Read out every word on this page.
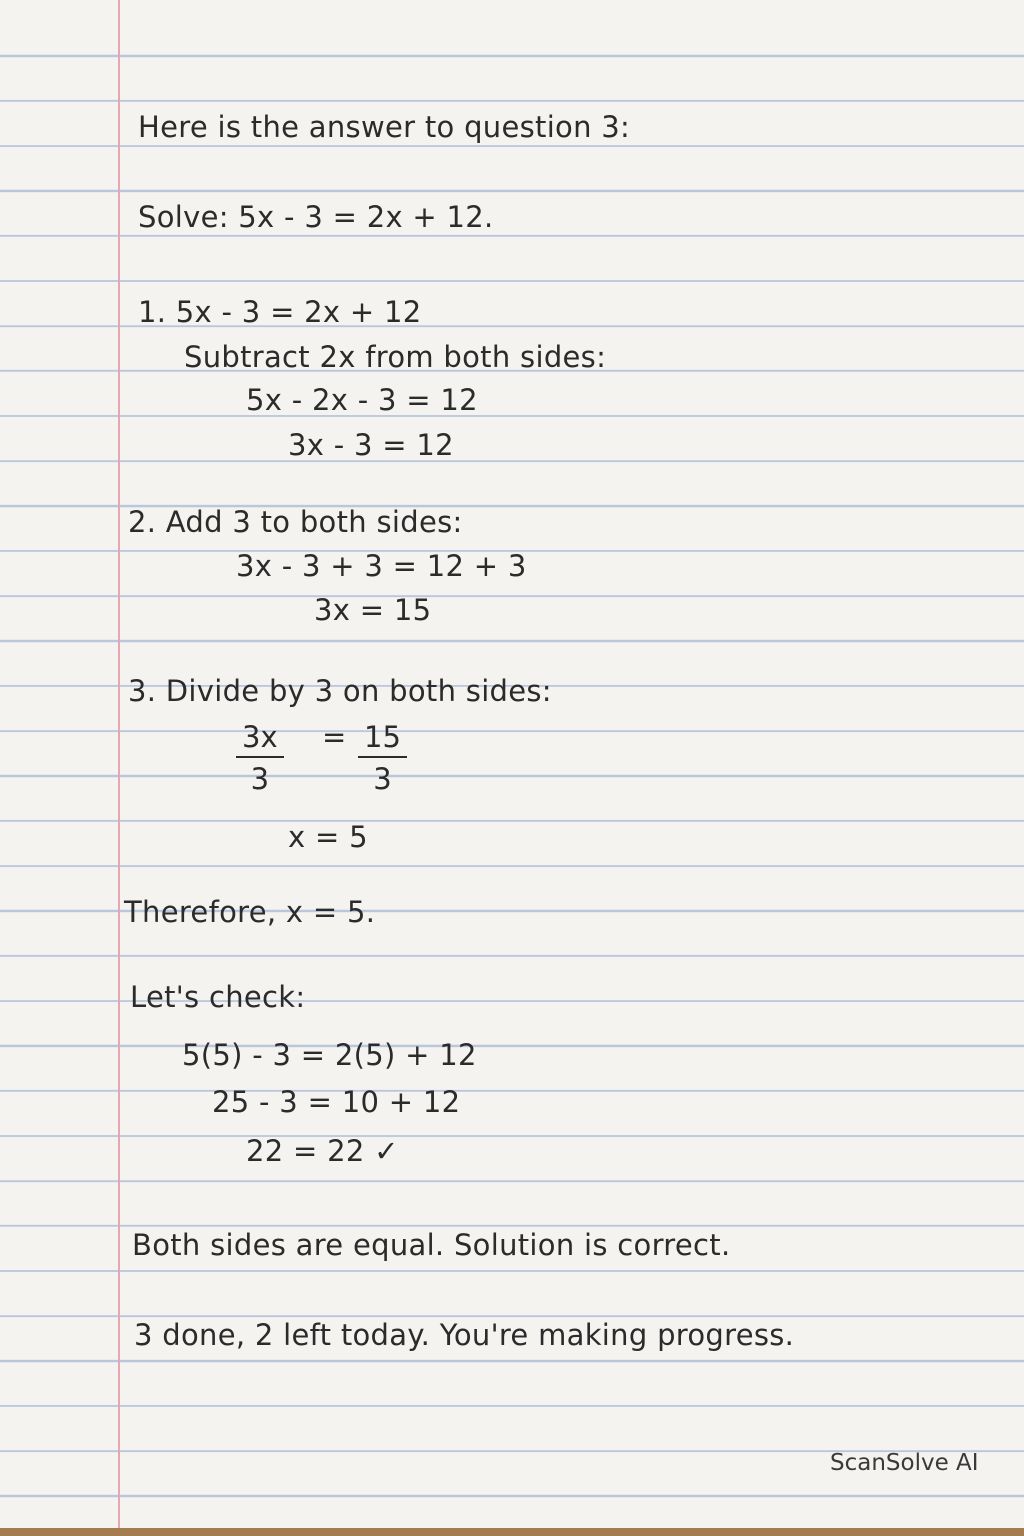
Here is the answer to question 3:
Solve: 5x - 3 = 2x + 12.
1. 5x - 3 = 2x + 12
Subtract 2x from both sides:
5x - 2x - 3 = 12
3x - 3 = 12
2. Add 3 to both sides:
3x - 3 + 3 = 12 + 3
3x = 15
3. Divide by 3 on both sides:
$\frac{3x}{3} = \frac{15}{3}$
x = 5
Therefore, x = 5.
Let's check:
5(5) - 3 = 2(5) + 12
25 - 3 = 10 + 12
22 = 22 ✓
Both sides are equal. Solution is correct.
3 done, 2 left today. You're making progress.
ScanSolve AI
